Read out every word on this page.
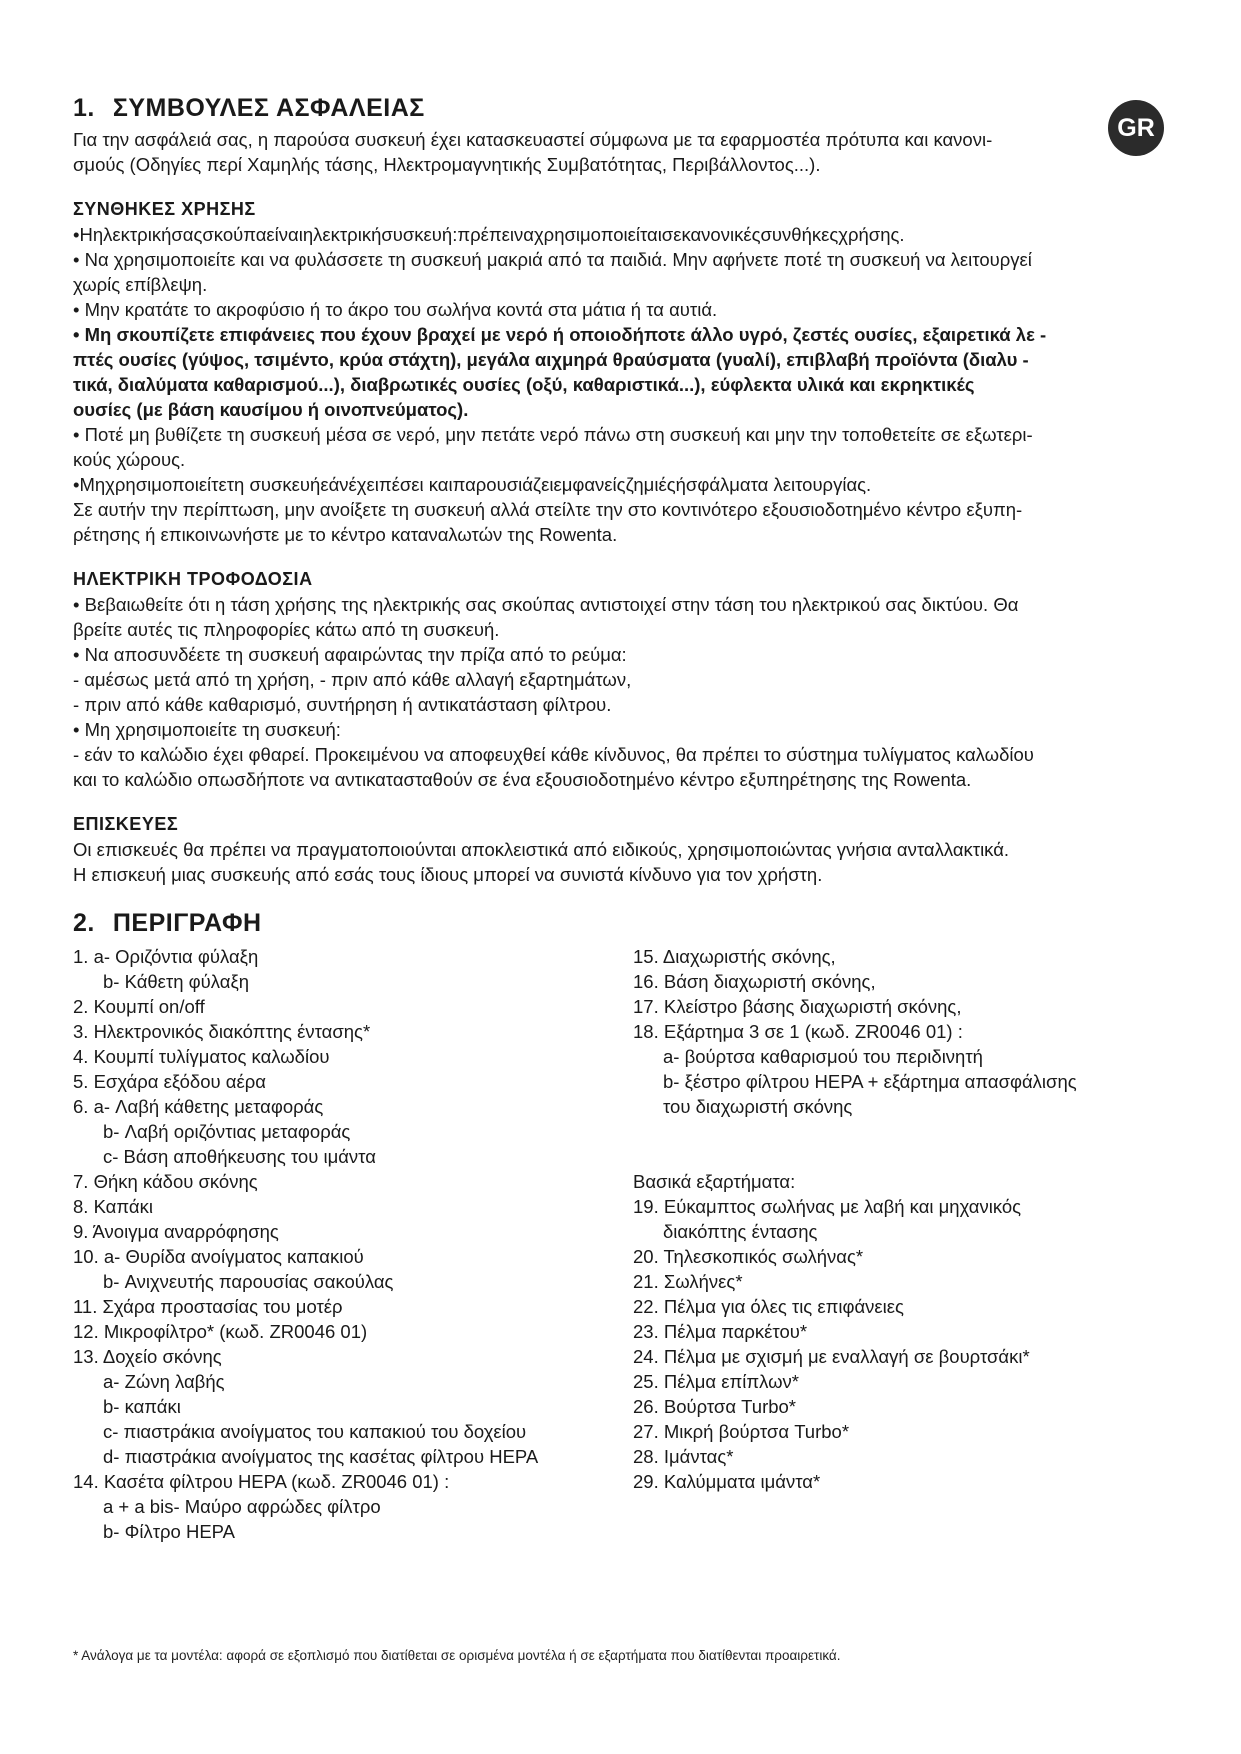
GR
1. ΣΥΜΒΟΥΛΕΣ ΑΣΦΑΛΕΙΑΣ

Για την ασφάλειά σας, η παρούσα συσκευή έχει κατασκευαστεί σύμφωνα με τα εφαρμοστέα πρότυπα και κανονι-

σμούς (Οδηγίες περί Χαμηλής τάσης, Ηλεκτρομαγνητικής Συμβατότητας, Περιβάλλοντος...).

ΣΥΝΘΗΚΕΣ ΧΡΗΣΗΣ

•Ηηλεκτρικήσαςσκούπαείναιηλεκτρικήσυσκευή:πρέπειναχρησιμοποιείταισεκανονικέςσυνθήκεςχρήσης.

• Να χρησιμοποιείτε και να φυλάσσετε τη συσκευή μακριά από τα παιδιά. Μην αφήνετε ποτέ τη συσκευή να λειτουργεί

χωρίς επίβλεψη.

• Μην κρατάτε το ακροφύσιο ή το άκρο του σωλήνα κοντά στα μάτια ή τα αυτιά.

• Μη σκουπίζετε επιφάνειες που έχουν βραχεί με νερό ή οποιοδήποτε άλλο υγρό, ζεστές ουσίες, εξαιρετικά λε -

πτές ουσίες (γύψος, τσιμέντο, κρύα στάχτη), μεγάλα αιχμηρά θραύσματα (γυαλί), επιβλαβή προϊόντα (διαλυ -

τικά, διαλύματα καθαρισμού...), διαβρωτικές ουσίες (οξύ, καθαριστικά...), εύφλεκτα υλικά και εκρηκτικές

ουσίες (με βάση καυσίμου ή οινοπνεύματος).

• Ποτέ μη βυθίζετε τη συσκευή μέσα σε νερό, μην πετάτε νερό πάνω στη συσκευή και μην την τοποθετείτε σε εξωτερι-

κούς χώρους.

•Μηχρησιμοποιείτετη συσκευήεάνέχειπέσει καιπαρουσιάζειεμφανείςζημιέςήσφάλματα λειτουργίας.

Σε αυτήν την περίπτωση, μην ανοίξετε τη συσκευή αλλά στείλτε την στο κοντινότερο εξουσιοδοτημένο κέντρο εξυπη-

ρέτησης ή επικοινωνήστε με το κέντρο καταναλωτών της Rowenta.

ΗΛΕΚΤΡΙΚΗ ΤΡΟΦΟΔΟΣΙΑ

• Βεβαιωθείτε ότι η τάση χρήσης της ηλεκτρικής σας σκούπας αντιστοιχεί στην τάση του ηλεκτρικού σας δικτύου. Θα

βρείτε αυτές τις πληροφορίες κάτω από τη συσκευή.

• Να αποσυνδέετε τη συσκευή αφαιρώντας την πρίζα από το ρεύμα:

- αμέσως μετά από τη χρήση, - πριν από κάθε αλλαγή εξαρτημάτων,

- πριν από κάθε καθαρισμό, συντήρηση ή αντικατάσταση φίλτρου.

• Μη χρησιμοποιείτε τη συσκευή:

- εάν το καλώδιο έχει φθαρεί. Προκειμένου να αποφευχθεί κάθε κίνδυνος, θα πρέπει το σύστημα τυλίγματος καλωδίου

και το καλώδιο οπωσδήποτε να αντικατασταθούν σε ένα εξουσιοδοτημένο κέντρο εξυπηρέτησης της Rowenta.

ΕΠΙΣΚΕΥΕΣ

Οι επισκευές θα πρέπει να πραγματοποιούνται αποκλειστικά από ειδικούς, χρησιμοποιώντας γνήσια ανταλλακτικά.

Η επισκευή μιας συσκευής από εσάς τους ίδιους μπορεί να συνιστά κίνδυνο για τον χρήστη.

2. ΠΕΡΙΓΡΑΦΗ
1. a- Οριζόντια φύλαξη
b- Κάθετη φύλαξη
2. Κουμπί on/off
3. Ηλεκτρονικός διακόπτης έντασης*
4. Κουμπί τυλίγματος καλωδίου
5. Εσχάρα εξόδου αέρα
6. a- Λαβή κάθετης μεταφοράς
b- Λαβή οριζόντιας μεταφοράς
c- Βάση αποθήκευσης του ιμάντα
7. Θήκη κάδου σκόνης
8. Καπάκι
9. Άνοιγμα αναρρόφησης
10. a- Θυρίδα ανοίγματος καπακιού
b- Ανιχνευτής παρουσίας σακούλας
11. Σχάρα προστασίας του μοτέρ
12. Μικροφίλτρο* (κωδ. ZR0046 01)
13. Δοχείο σκόνης
a- Ζώνη λαβής
b- καπάκι
c- πιαστράκια ανοίγματος του καπακιού του δοχείου
d- πιαστράκια ανοίγματος της κασέτας φίλτρου HEPA
14. Κασέτα φίλτρου HEPA (κωδ. ZR0046 01) :
a + a bis- Μαύρο αφρώδες φίλτρο
b- Φίλτρο HEPA
15. Διαχωριστής σκόνης,
16. Βάση διαχωριστή σκόνης,
17. Κλείστρο βάσης διαχωριστή σκόνης,
18. Εξάρτημα 3 σε 1 (κωδ. ZR0046 01) :
a- βούρτσα καθαρισμού του περιδινητή
b- ξέστρο φίλτρου HEPA + εξάρτημα απασφάλισης
του διαχωριστή σκόνης
Βασικά εξαρτήματα:
19. Εύκαμπτος σωλήνας με λαβή και μηχανικός
διακόπτης έντασης
20. Τηλεσκοπικός σωλήνας*
21. Σωλήνες*
22. Πέλμα για όλες τις επιφάνειες
23. Πέλμα παρκέτου*
24. Πέλμα με σχισμή με εναλλαγή σε βουρτσάκι*
25. Πέλμα επίπλων*
26. Βούρτσα Turbo*
27. Μικρή βούρτσα Turbo*
28. Ιμάντας*
29. Καλύμματα ιμάντα*
* Ανάλογα με τα μοντέλα: αφορά σε εξοπλισμό που διατίθεται σε ορισμένα μοντέλα ή σε εξαρτήματα που διατίθενται προαιρετικά.
